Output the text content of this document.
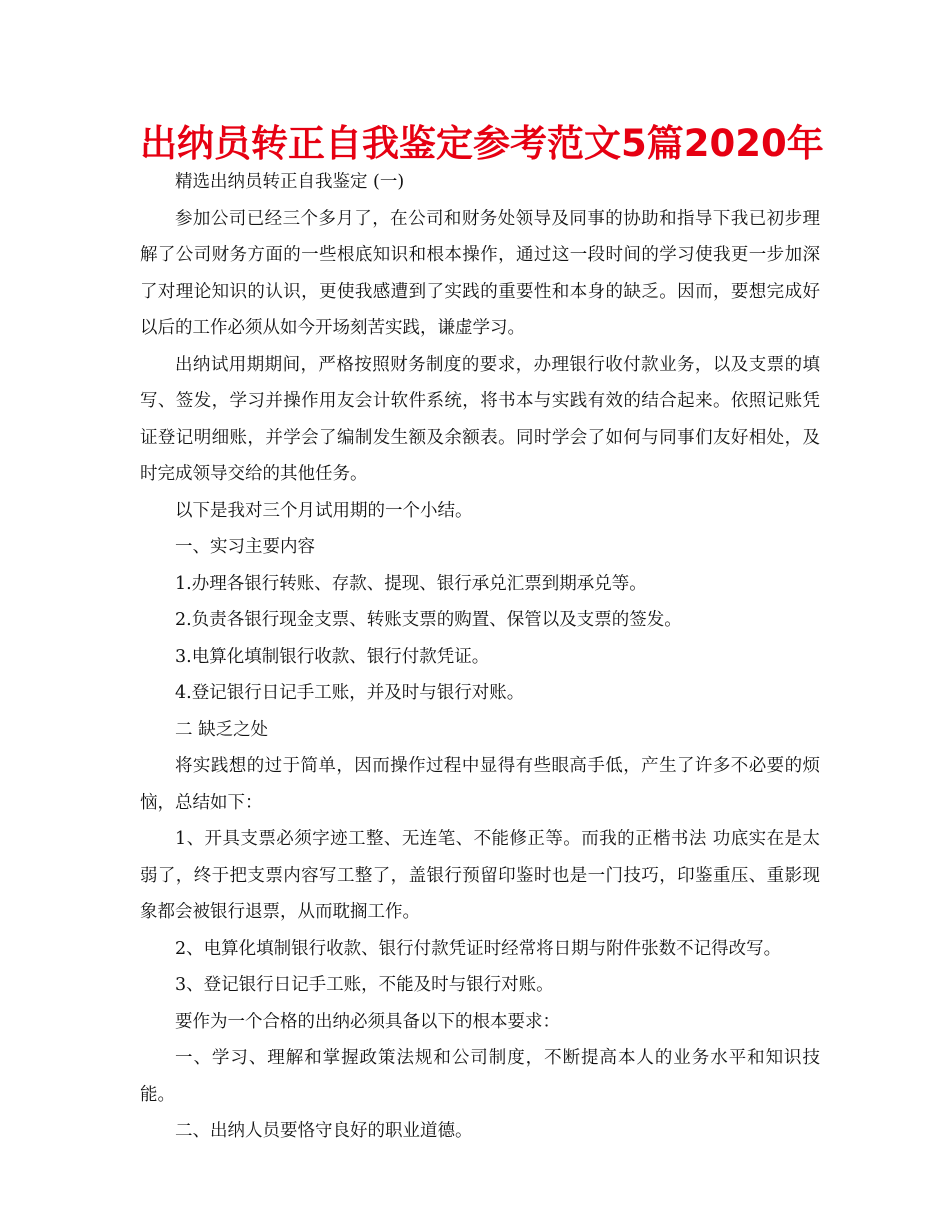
出纳员转正自我鉴定参考范文5篇2020年

精选出纳员转正自我鉴定 (一)

参加公司已经三个多月了，在公司和财务处领导及同事的协助和指导下我已初步理解了公司财务方面的一些根底知识和根本操作，通过这一段时间的学习使我更一步加深了对理论知识的认识，更使我感遭到了实践的重要性和本身的缺乏。因而，要想完成好以后的工作必须从如今开场刻苦实践，谦虚学习。

出纳试用期期间，严格按照财务制度的要求，办理银行收付款业务，以及支票的填写、签发，学习并操作用友会计软件系统，将书本与实践有效的结合起来。依照记账凭证登记明细账，并学会了编制发生额及余额表。同时学会了如何与同事们友好相处，及时完成领导交给的其他任务。

以下是我对三个月试用期的一个小结。

一、实习主要内容

1.办理各银行转账、存款、提现、银行承兑汇票到期承兑等。

2.负责各银行现金支票、转账支票的购置、保管以及支票的签发。

3.电算化填制银行收款、银行付款凭证。

4.登记银行日记手工账，并及时与银行对账。

二 缺乏之处

将实践想的过于简单，因而操作过程中显得有些眼高手低，产生了许多不必要的烦恼，总结如下：

1、开具支票必须字迹工整、无连笔、不能修正等。而我的正楷书法 功底实在是太弱了，终于把支票内容写工整了，盖银行预留印鉴时也是一门技巧，印鉴重压、重影现象都会被银行退票，从而耽搁工作。

2、电算化填制银行收款、银行付款凭证时经常将日期与附件张数不记得改写。

3、登记银行日记手工账，不能及时与银行对账。

要作为一个合格的出纳必须具备以下的根本要求：

一、学习、理解和掌握政策法规和公司制度，不断提高本人的业务水平和知识技能。

二、出纳人员要恪守良好的职业道德。
